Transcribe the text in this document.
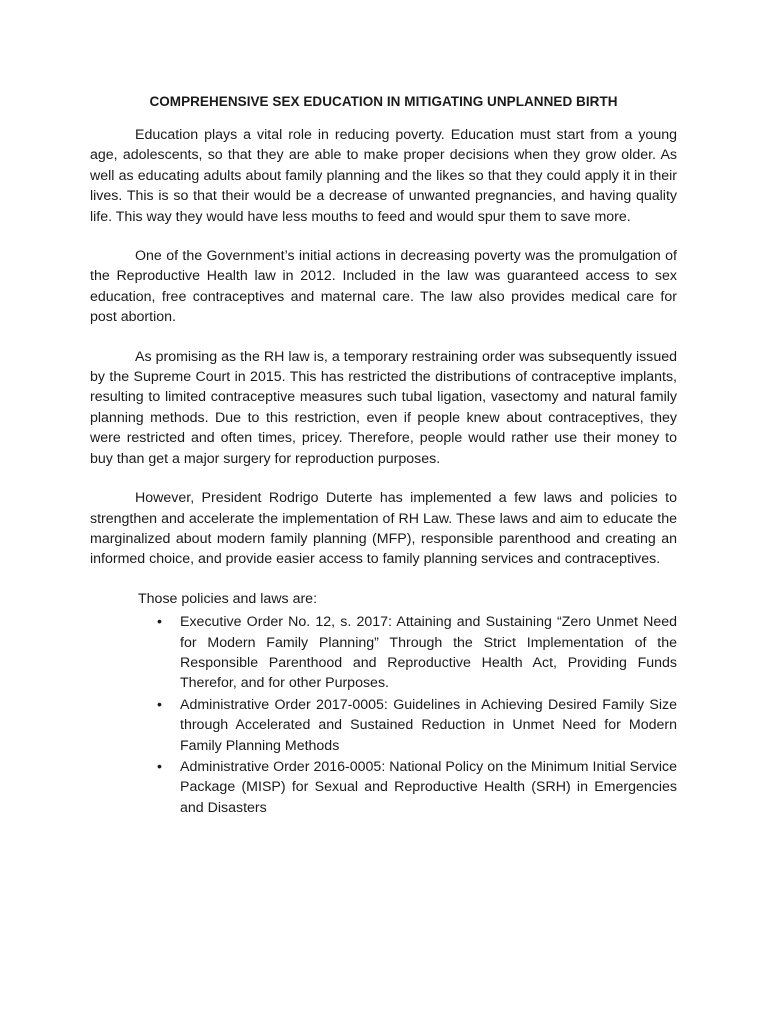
COMPREHENSIVE SEX EDUCATION IN MITIGATING UNPLANNED BIRTH

Education plays a vital role in reducing poverty. Education must start from a young age, adolescents, so that they are able to make proper decisions when they grow older. As well as educating adults about family planning and the likes so that they could apply it in their lives. This is so that their would be a decrease of unwanted pregnancies, and having quality life. This way they would have less mouths to feed and would spur them to save more.

One of the Government’s initial actions in decreasing poverty was the promulgation of the Reproductive Health law in 2012. Included in the law was guaranteed access to sex education, free contraceptives and maternal care. The law also provides medical care for post abortion.

As promising as the RH law is, a temporary restraining order was subsequently issued by the Supreme Court in 2015. This has restricted the distributions of contraceptive implants, resulting to limited contraceptive measures such tubal ligation, vasectomy and natural family planning methods. Due to this restriction, even if people knew about contraceptives, they were restricted and often times, pricey. Therefore, people would rather use their money to buy than get a major surgery for reproduction purposes.

However, President Rodrigo Duterte has implemented a few laws and policies to strengthen and accelerate the implementation of RH Law. These laws and aim to educate the marginalized about modern family planning (MFP), responsible parenthood and creating an informed choice, and provide easier access to family planning services and contraceptives.

Those policies and laws are:

• Executive Order No. 12, s. 2017: Attaining and Sustaining “Zero Unmet Need for Modern Family Planning” Through the Strict Implementation of the Responsible Parenthood and Reproductive Health Act, Providing Funds Therefor, and for other Purposes.
• Administrative Order 2017-0005: Guidelines in Achieving Desired Family Size through Accelerated and Sustained Reduction in Unmet Need for Modern Family Planning Methods
• Administrative Order 2016-0005: National Policy on the Minimum Initial Service Package (MISP) for Sexual and Reproductive Health (SRH) in Emergencies and Disasters
